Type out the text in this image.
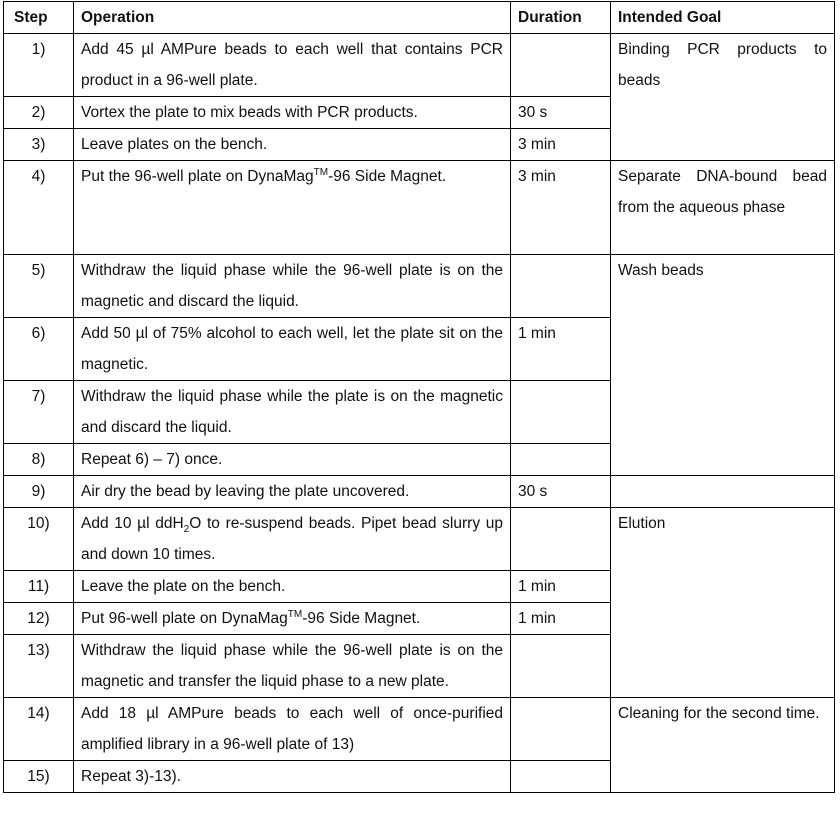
Step	Operation	Duration	Intended Goal
1)	Add 45 µl AMPure beads to each well that contains PCR product in a 96-well plate.		Binding PCR products to beads
2)	Vortex the plate to mix beads with PCR products.	30 s	
3)	Leave plates on the bench.	3 min	
4)	Put the 96-well plate on DynaMag™-96 Side Magnet.	3 min	Separate DNA-bound bead from the aqueous phase
5)	Withdraw the liquid phase while the 96-well plate is on the magnetic and discard the liquid.		Wash beads
6)	Add 50 µl of 75% alcohol to each well, let the plate sit on the magnetic.	1 min	
7)	Withdraw the liquid phase while the plate is on the magnetic and discard the liquid.		
8)	Repeat 6) – 7) once.		
9)	Air dry the bead by leaving the plate uncovered.	30 s	
10)	Add 10 µl ddH$_2$O to re-suspend beads. Pipet bead slurry up and down 10 times.		Elution
11)	Leave the plate on the bench.	1 min	
12)	Put 96-well plate on DynaMag™-96 Side Magnet.	1 min	
13)	Withdraw the liquid phase while the 96-well plate is on the magnetic and transfer the liquid phase to a new plate.		
14)	Add 18 µl AMPure beads to each well of once-purified amplified library in a 96-well plate of 13)		Cleaning for the second time.
15)	Repeat 3)-13).		
